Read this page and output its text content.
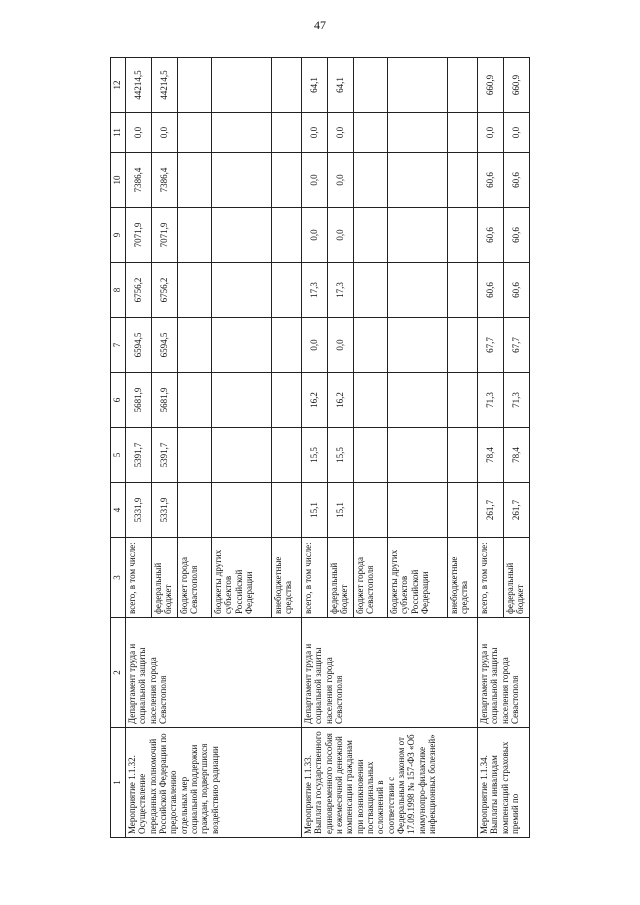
47
1	2	3	4	5	6	7	8	9	10	11	12
Мероприятие 1.1.32. Осуществление переданных полномочий Российской Федерации по предоставлению отдельных мер социальной поддержки граждан, подвергшихся воздействию радиации	Департамент труда и социальной защиты населения города Севастополя	всего, в том числе:	5331,9	5391,7	5681,9	6594,5	6756,2	7071,9	7386,4	0,0	44214,5
		федеральный бюджет	5331,9	5391,7	5681,9	6594,5	6756,2	7071,9	7386,4	0,0	44214,5
		бюджет города Севастополя									
		бюджеты других субъектов Российской Федерации									
		внебюджетные средства									
Мероприятие 1.1.33. Выплата государственного единовременного пособия и ежемесячной денежной компенсации гражданам при возникновении поствакцинальных осложнений в соответствии с Федеральным законом от 17.09.1998 № 157-ФЗ «Об иммунопро-филактике инфекционных болезней»	Департамент труда и социальной защиты населения города Севастополя	всего, в том числе:	15,1	15,5	16,2	0,0	17,3	0,0	0,0	0,0	64,1
		федеральный бюджет	15,1	15,5	16,2	0,0	17,3	0,0	0,0	0,0	64,1
		бюджет города Севастополя									
		бюджеты других субъектов Российской Федерации									
		внебюджетные средства									
Мероприятие 1.1.34. Выплаты инвалидам компенсаций страховых премий по	Департамент труда и социальной защиты населения города Севастополя	всего, в том числе:	261,7	78,4	71,3	67,7	60,6	60,6	60,6	0,0	660,9
		федеральный бюджет	261,7	78,4	71,3	67,7	60,6	60,6	60,6	0,0	660,9
